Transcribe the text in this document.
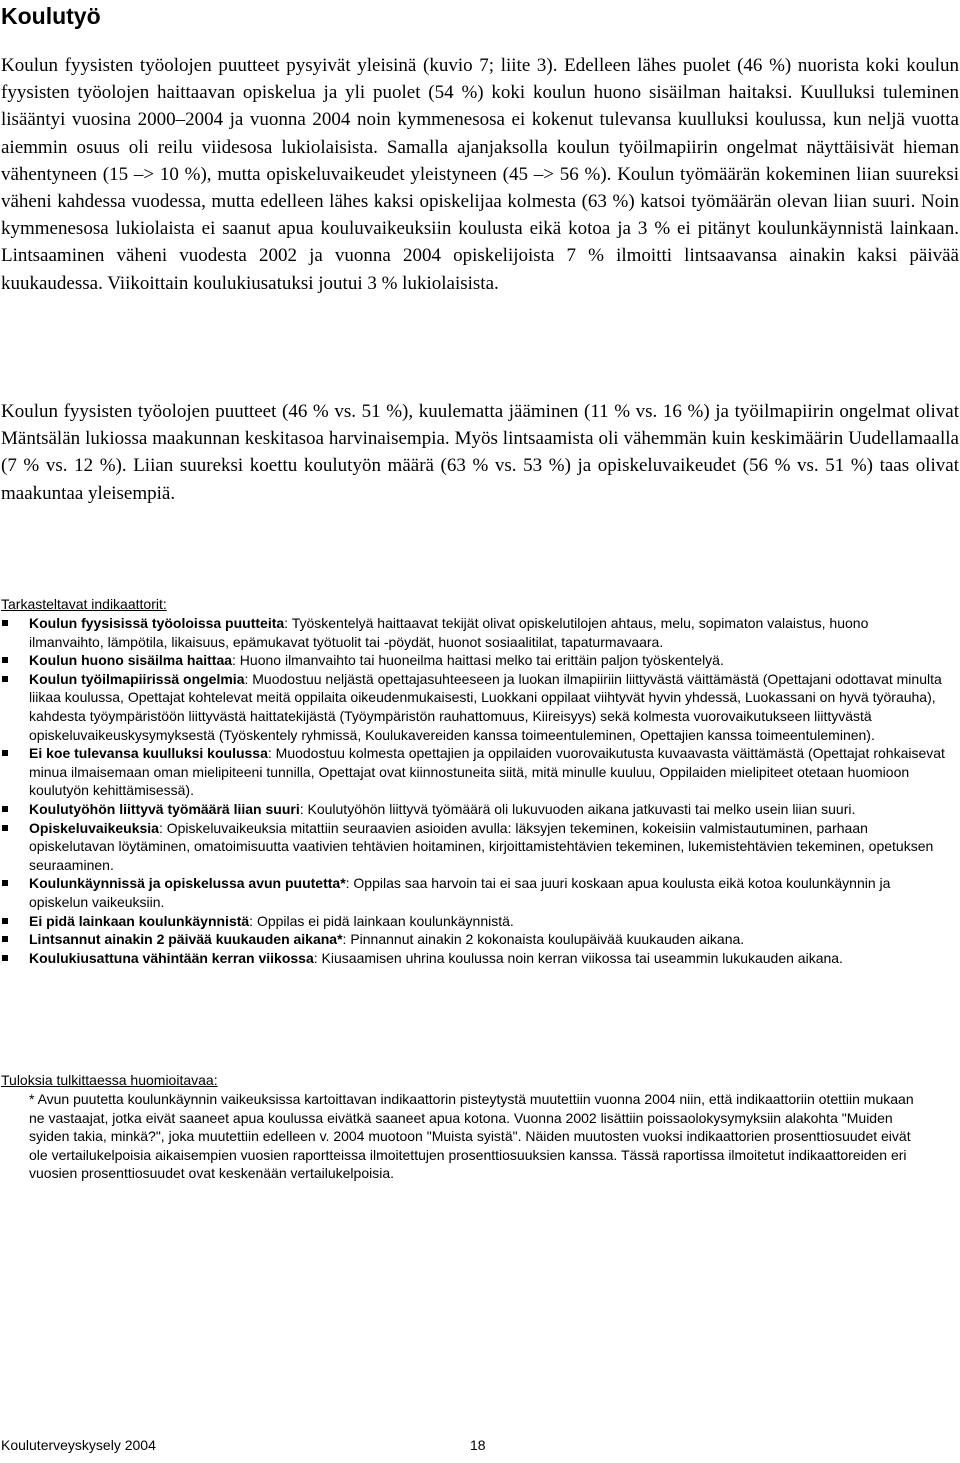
Koulutyö

Koulun fyysisten työolojen puutteet pysyivät yleisinä (kuvio 7; liite 3). Edelleen lähes puolet (46 %) nuorista koki koulun fyysisten työolojen haittaavan opiskelua ja yli puolet (54 %) koki koulun huono sisäilman haitaksi. Kuulluksi tuleminen lisääntyi vuosina 2000–2004 ja vuonna 2004 noin kymmenesosa ei kokenut tulevansa kuulluksi koulussa, kun neljä vuotta aiemmin osuus oli reilu viidesosa lukiolaisista. Samalla ajanjaksolla koulun työilmapiirin ongelmat näyttäisivät hieman vähentyneen (15 –> 10 %), mutta opiskeluvaikeudet yleistyneen (45 –> 56 %). Koulun työmäärän kokeminen liian suureksi väheni kahdessa vuodessa, mutta edelleen lähes kaksi opiskelijaa kolmesta (63 %) katsoi työmäärän olevan liian suuri. Noin kymmenesosa lukiolaista ei saanut apua kouluvaikeuksiin koulusta eikä kotoa ja 3 % ei pitänyt koulunkäynnistä lainkaan. Lintsaaminen väheni vuodesta 2002 ja vuonna 2004 opiskelijoista 7 % ilmoitti lintsaavansa ainakin kaksi päivää kuukaudessa. Viikoittain koulukiusatuksi joutui 3 % lukiolaisista.

Koulun fyysisten työolojen puutteet (46 % vs. 51 %), kuulematta jääminen (11 % vs. 16 %) ja työilmapiirin ongelmat olivat Mäntsälän lukiossa maakunnan keskitasoa harvinaisempia. Myös lintsaamista oli vähemmän kuin keskimäärin Uudellamaalla (7 % vs. 12 %). Liian suureksi koettu koulutyön määrä (63 % vs. 53 %) ja opiskeluvaikeudet (56 % vs. 51 %) taas olivat maakuntaa yleisempiä.

Tarkasteltavat indikaattorit:

Koulun fyysisissä työoloissa puutteita: Työskentelyä haittaavat tekijät olivat opiskelutilojen ahtaus, melu, sopimaton valaistus, huono ilmanvaihto, lämpötila, likaisuus, epämukavat työtuolit tai -pöydät, huonot sosiaalitilat, tapaturmavaara.
Koulun huono sisäilma haittaa: Huono ilmanvaihto tai huoneilma haittasi melko tai erittäin paljon työskentelyä.
Koulun työilmapiirissä ongelmia: Muodostuu neljästä opettajasuhteeseen ja luokan ilmapiiriin liittyvästä väittämästä (Opettajani odottavat minulta liikaa koulussa, Opettajat kohtelevat meitä oppilaita oikeudenmukaisesti, Luokkani oppilaat viihtyvät hyvin yhdessä, Luokassani on hyvä työrauha), kahdesta työympäristöön liittyvästä haittatekijästä (Työympäristön rauhattomuus, Kiireisyys) sekä kolmesta vuorovaikutukseen liittyvästä opiskeluvaikeuskysymyksestä (Työskentely ryhmissä, Koulukavereiden kanssa toimeentuleminen, Opettajien kanssa toimeentuleminen).
Ei koe tulevansa kuulluksi koulussa: Muodostuu kolmesta opettajien ja oppilaiden vuorovaikutusta kuvaavasta väittämästä (Opettajat rohkaisevat minua ilmaisemaan oman mielipiteeni tunnilla, Opettajat ovat kiinnostuneita siitä, mitä minulle kuuluu, Oppilaiden mielipiteet otetaan huomioon koulutyön kehittämisessä).
Koulutyöhön liittyvä työmäärä liian suuri: Koulutyöhön liittyvä työmäärä oli lukuvuoden aikana jatkuvasti tai melko usein liian suuri.
Opiskeluvaikeuksia: Opiskeluvaikeuksia mitattiin seuraavien asioiden avulla: läksyjen tekeminen, kokeisiin valmistautuminen, parhaan opiskelutavan löytäminen, omatoimisuutta vaativien tehtävien hoitaminen, kirjoittamistehtävien tekeminen, lukemistehtävien tekeminen, opetuksen seuraaminen.
Koulunkäynnissä ja opiskelussa avun puutetta*: Oppilas saa harvoin tai ei saa juuri koskaan apua koulusta eikä kotoa koulunkäynnin ja opiskelun vaikeuksiin.
Ei pidä lainkaan koulunkäynnistä: Oppilas ei pidä lainkaan koulunkäynnistä.
Lintsannut ainakin 2 päivää kuukauden aikana*: Pinnannut ainakin 2 kokonaista koulupäivää kuukauden aikana.
Koulukiusattuna vähintään kerran viikossa: Kiusaamisen uhrina koulussa noin kerran viikossa tai useammin lukukauden aikana.

Tuloksia tulkittaessa huomioitavaa:

* Avun puutetta koulunkäynnin vaikeuksissa kartoittavan indikaattorin pisteytystä muutettiin vuonna 2004 niin, että indikaattoriin otettiin mukaan ne vastaajat, jotka eivät saaneet apua koulussa eivätkä saaneet apua kotona. Vuonna 2002 lisättiin poissaolokysymyksiin alakohta "Muiden syiden takia, minkä?", joka muutettiin edelleen v. 2004 muotoon "Muista syistä". Näiden muutosten vuoksi indikaattorien prosenttiosuudet eivät ole vertailukelpoisia aikaisempien vuosien raportteissa ilmoitettujen prosenttiosuuksien kanssa. Tässä raportissa ilmoitetut indikaattoreiden eri vuosien prosenttiosuudet ovat keskenään vertailukelpoisia.

Kouluterveyskysely 2004	18
